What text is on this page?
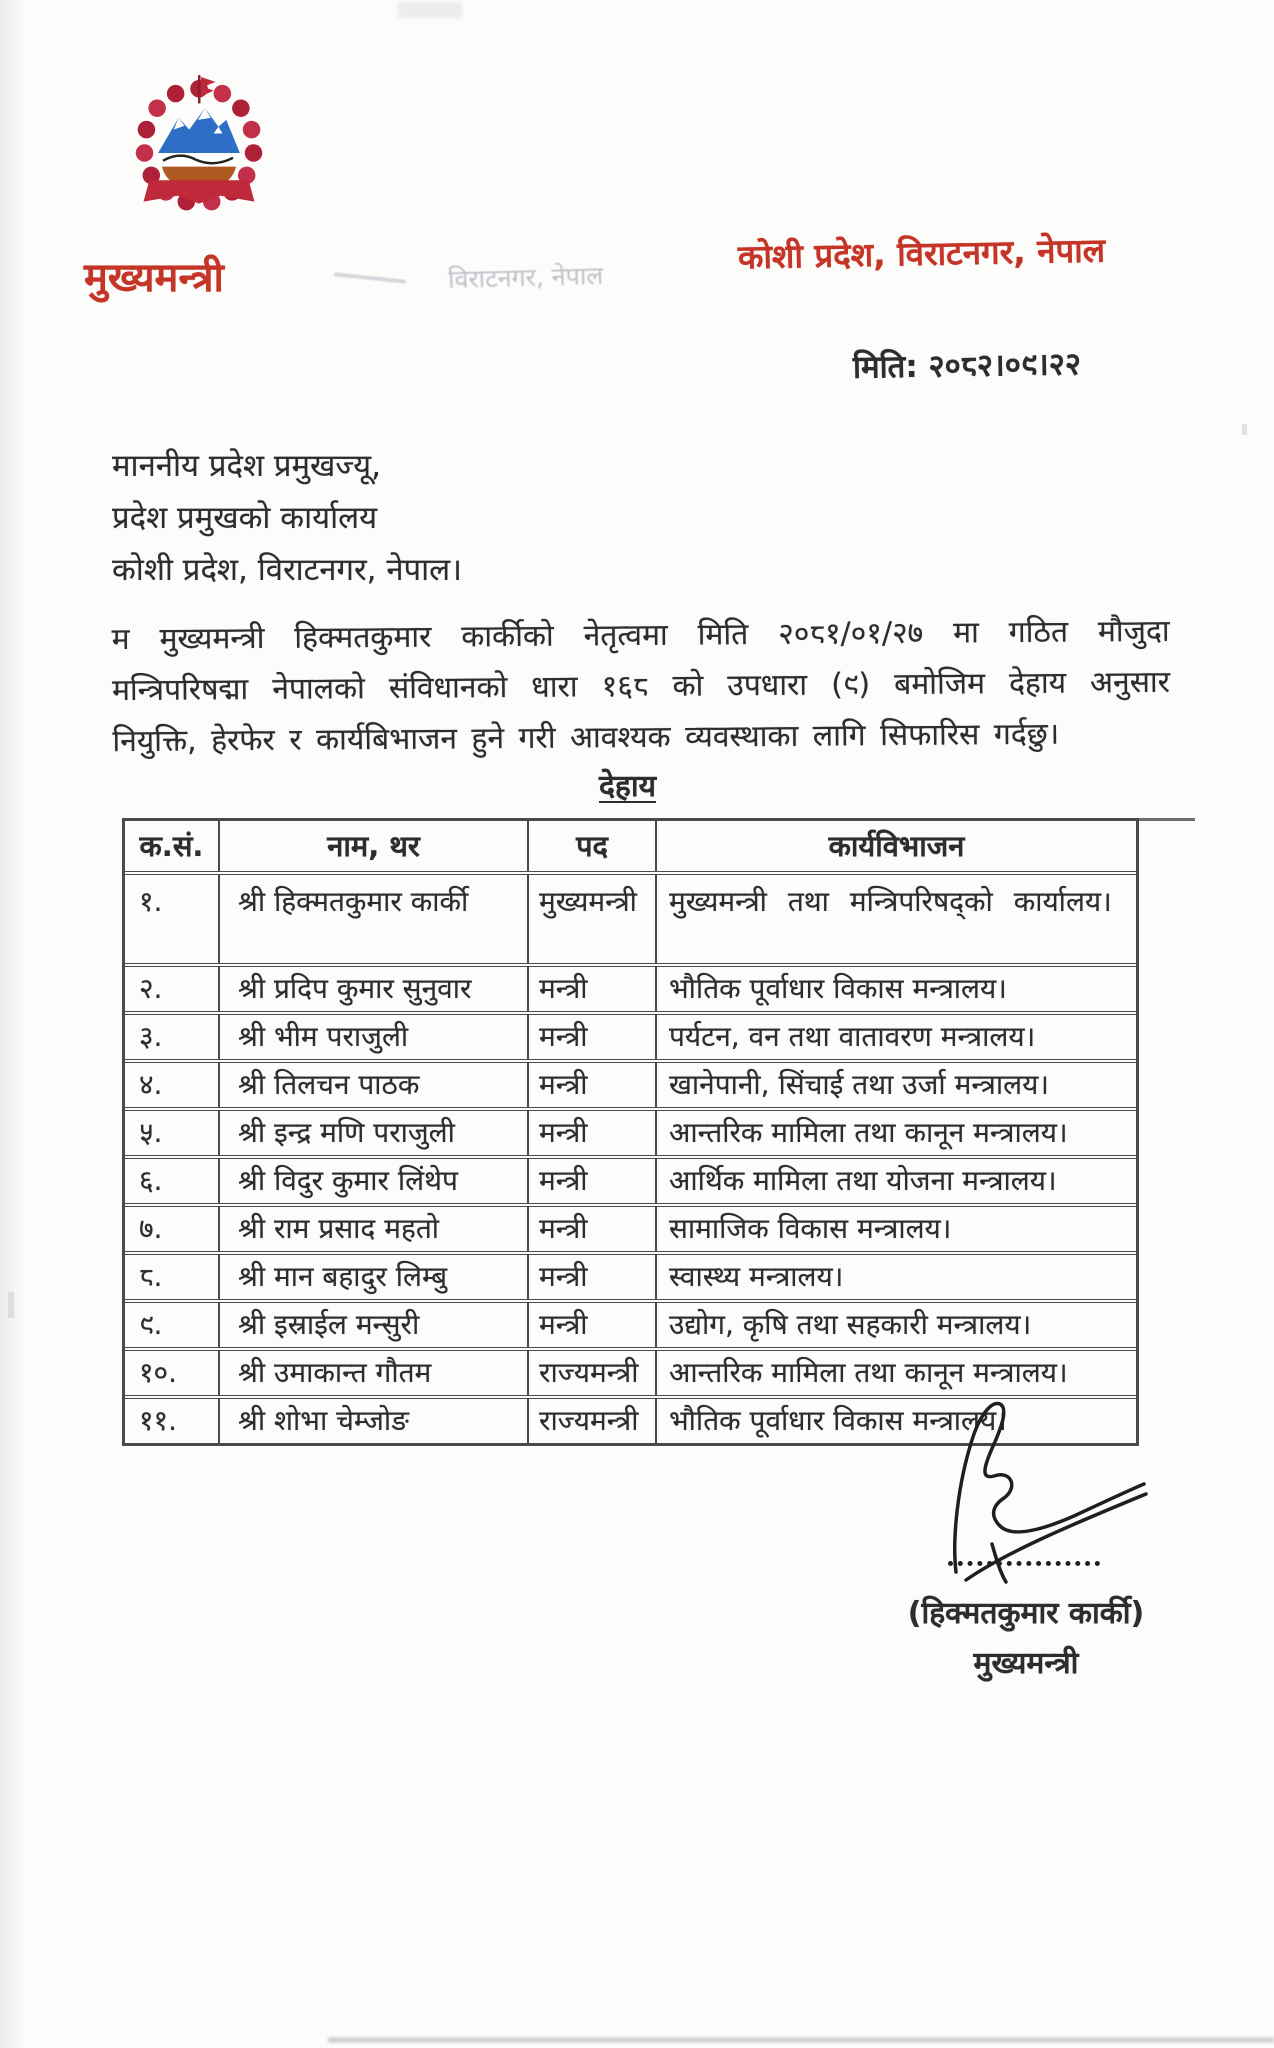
मुख्यमन्त्री	विराटनगर, नेपाल
कोशी प्रदेश, विराटनगर, नेपाल
मिति: २०८२।०९।२२
माननीय प्रदेश प्रमुखज्यू,
प्रदेश प्रमुखको कार्यालय
कोशी प्रदेश, विराटनगर, नेपाल।
म मुख्यमन्त्री हिक्मतकुमार कार्कीको नेतृत्वमा मिति २०८१/०१/२७ मा गठित मौजुदा मन्त्रिपरिषद्मा नेपालको संविधानको धारा १६८ को उपधारा (९) बमोजिम देहाय अनुसार नियुक्ति, हेरफेर र कार्यबिभाजन हुने गरी आवश्यक व्यवस्थाका लागि सिफारिस गर्दछु।
देहाय
क.सं.	नाम, थर	पद	कार्यविभाजन
१.	श्री हिक्मतकुमार कार्की	मुख्यमन्त्री	मुख्यमन्त्री तथा मन्त्रिपरिषद्को कार्यालय।
२.	श्री प्रदिप कुमार सुनुवार	मन्त्री	भौतिक पूर्वाधार विकास मन्त्रालय।
३.	श्री भीम पराजुली	मन्त्री	पर्यटन, वन तथा वातावरण मन्त्रालय।
४.	श्री तिलचन पाठक	मन्त्री	खानेपानी, सिंचाई तथा उर्जा मन्त्रालय।
५.	श्री इन्द्र मणि पराजुली	मन्त्री	आन्तरिक मामिला तथा कानून मन्त्रालय।
६.	श्री विदुर कुमार लिंथेप	मन्त्री	आर्थिक मामिला तथा योजना मन्त्रालय।
७.	श्री राम प्रसाद महतो	मन्त्री	सामाजिक विकास मन्त्रालय।
८.	श्री मान बहादुर लिम्बु	मन्त्री	स्वास्थ्य मन्त्रालय।
९.	श्री इस्राईल मन्सुरी	मन्त्री	उद्योग, कृषि तथा सहकारी मन्त्रालय।
१०.	श्री उमाकान्त गौतम	राज्यमन्त्री	आन्तरिक मामिला तथा कानून मन्त्रालय।
११.	श्री शोभा चेम्जोङ	राज्यमन्त्री	भौतिक पूर्वाधार विकास मन्त्रालय।
(हिक्मतकुमार कार्की)
मुख्यमन्त्री
